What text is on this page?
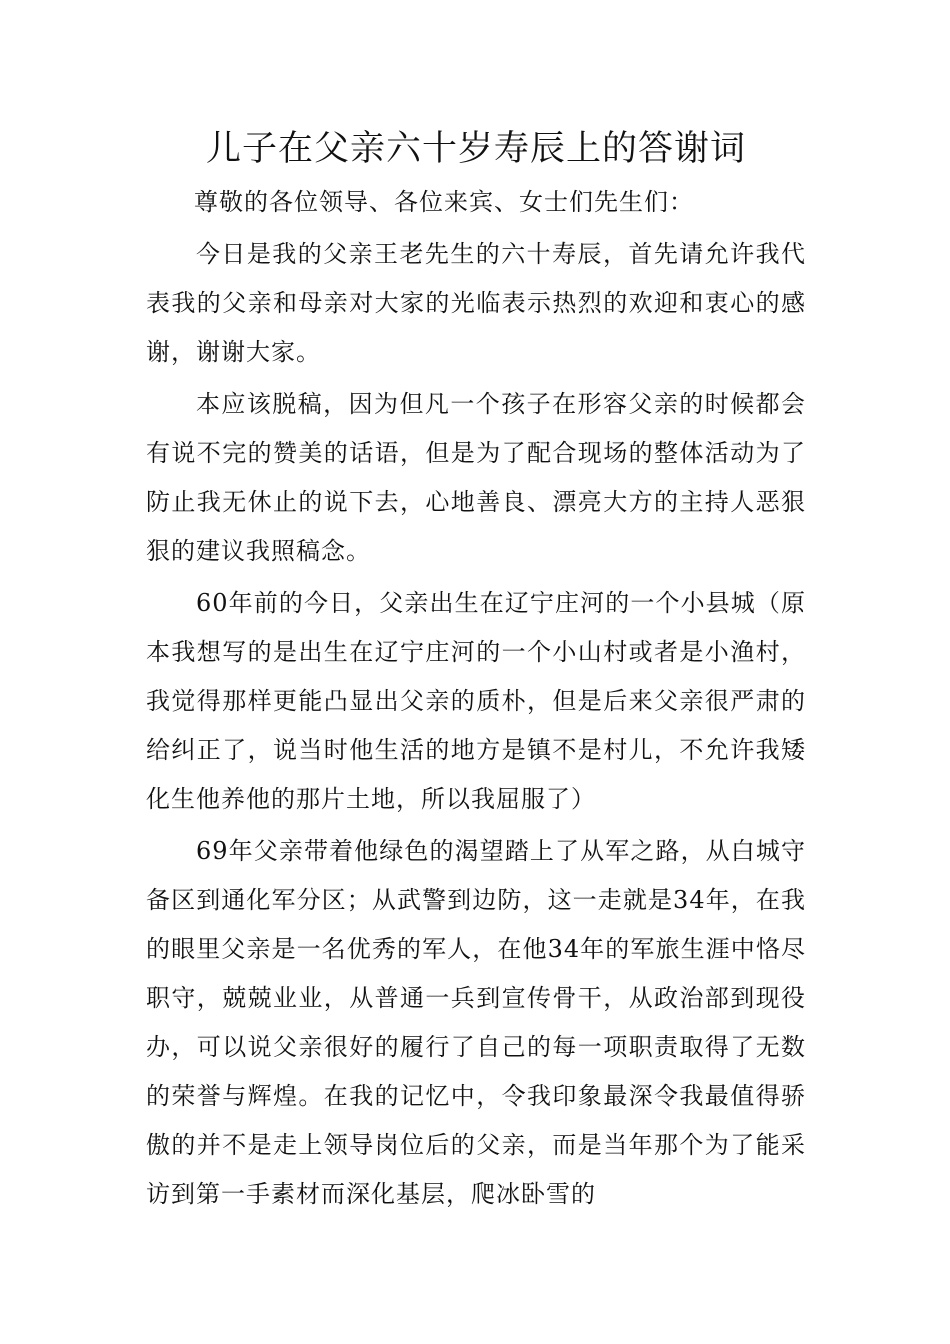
儿子在父亲六十岁寿辰上的答谢词

尊敬的各位领导、各位来宾、女士们先生们：

今日是我的父亲王老先生的六十寿辰，首先请允许我代表我的父亲和母亲对大家的光临表示热烈的欢迎和衷心的感谢，谢谢大家。

本应该脱稿，因为但凡一个孩子在形容父亲的时候都会有说不完的赞美的话语，但是为了配合现场的整体活动为了防止我无休止的说下去，心地善良、漂亮大方的主持人恶狠狠的建议我照稿念。

60年前的今日，父亲出生在辽宁庄河的一个小县城（原本我想写的是出生在辽宁庄河的一个小山村或者是小渔村，我觉得那样更能凸显出父亲的质朴，但是后来父亲很严肃的给纠正了，说当时他生活的地方是镇不是村儿，不允许我矮化生他养他的那片土地，所以我屈服了）

69年父亲带着他绿色的渴望踏上了从军之路，从白城守备区到通化军分区；从武警到边防，这一走就是34年，在我的眼里父亲是一名优秀的军人，在他34年的军旅生涯中恪尽职守，兢兢业业，从普通一兵到宣传骨干，从政治部到现役办，可以说父亲很好的履行了自己的每一项职责取得了无数的荣誉与辉煌。在我的记忆中，令我印象最深令我最值得骄傲的并不是走上领导岗位后的父亲，而是当年那个为了能采访到第一手素材而深化基层，爬冰卧雪的
